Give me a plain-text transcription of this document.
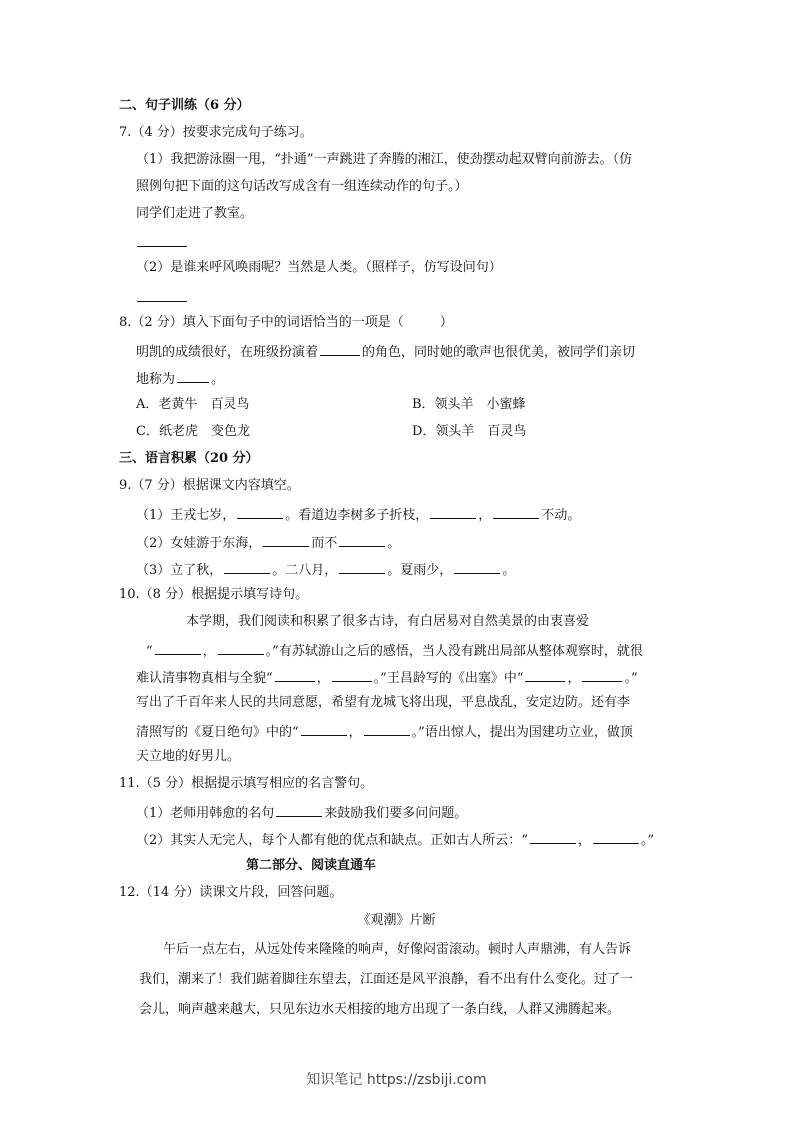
二、句子训练（6 分）
7.（4 分）按要求完成句子练习。
（1）我把游泳圈一甩，“扑通”一声跳进了奔腾的湘江，使劲摆动起双臂向前游去。（仿
照例句把下面的这句话改写成含有一组连续动作的句子。）
同学们走进了教室。
（2）是谁来呼风唤雨呢？当然是人类。（照样子，仿写设问句）
8.（2 分）填入下面句子中的词语恰当的一项是（	）
明凯的成绩很好，在班级扮演着	的角色，同时她的歌声也很优美，被同学们亲切
地称为	。
A．老黄牛　百灵鸟	B．领头羊　小蜜蜂
C．纸老虎　变色龙	D．领头羊　百灵鸟
三、语言积累（20 分）
9.（7 分）根据课文内容填空。
（1）王戎七岁，	。看道边李树多子折枝，	，	不动。
（2）女娃游于东海，	而不	。
（3）立了秋，	。二八月，	。夏雨少，	。
10.（8 分）根据提示填写诗句。
本学期，我们阅读和积累了很多古诗，有白居易对自然美景的由衷喜爱
“	，	。”有苏轼游山之后的感悟，当人没有跳出局部从整体观察时，就很
难认清事物真相与全貌“	，	。”王昌龄写的《出塞》中“	，	。”
写出了千百年来人民的共同意愿，希望有龙城飞将出现，平息战乱，安定边防。还有李
清照写的《夏日绝句》中的“	，	。”语出惊人，提出为国建功立业，做顶
天立地的好男儿。
11.（5 分）根据提示填写相应的名言警句。
（1）老师用韩愈的名句	来鼓励我们要多问问题。
（2）其实人无完人，每个人都有他的优点和缺点。正如古人所云：“	，	。”
第二部分、阅读直通车
12.（14 分）读课文片段，回答问题。
《观潮》片断
午后一点左右，从远处传来隆隆的响声，好像闷雷滚动。顿时人声鼎沸，有人告诉
我们，潮来了！我们踮着脚往东望去，江面还是风平浪静，看不出有什么变化。过了一
会儿，响声越来越大，只见东边水天相接的地方出现了一条白线，人群又沸腾起来。
知识笔记 https://zsbiji.com
